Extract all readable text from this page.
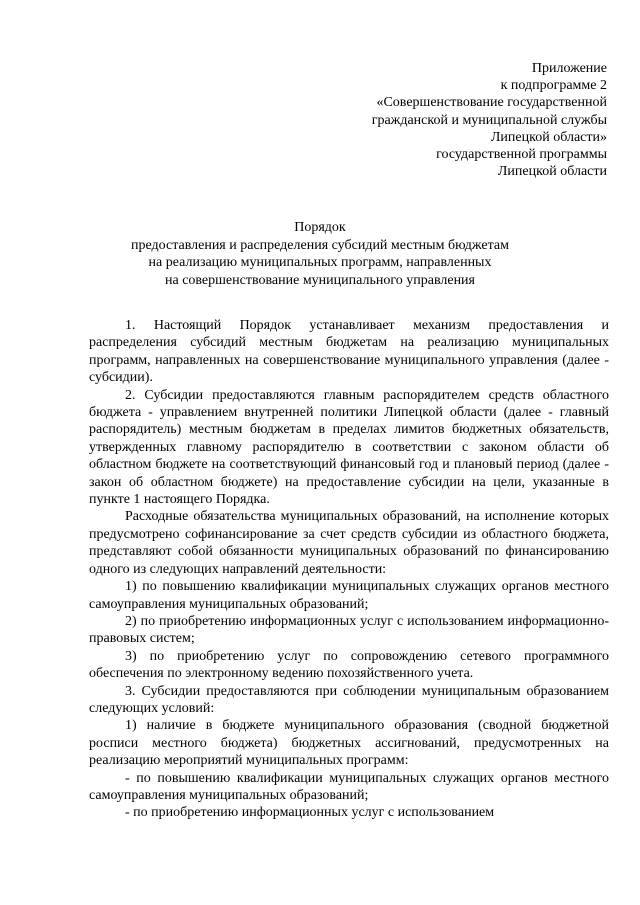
Приложение
к подпрограмме 2
«Совершенствование государственной
гражданской и муниципальной службы
Липецкой области»
государственной программы
Липецкой области
Порядок
предоставления и распределения субсидий местным бюджетам
на реализацию муниципальных программ, направленных
на совершенствование муниципального управления

1. Настоящий Порядок устанавливает механизм предоставления и распределения субсидий местным бюджетам на реализацию муниципальных программ, направленных на совершенствование муниципального управления (далее - субсидии).

2. Субсидии предоставляются главным распорядителем средств областного бюджета - управлением внутренней политики Липецкой области (далее - главный распорядитель) местным бюджетам в пределах лимитов бюджетных обязательств, утвержденных главному распорядителю в соответствии с законом области об областном бюджете на соответствующий финансовый год и плановый период (далее - закон об областном бюджете) на предоставление субсидии на цели, указанные в пункте 1 настоящего Порядка.

Расходные обязательства муниципальных образований, на исполнение которых предусмотрено софинансирование за счет средств субсидии из областного бюджета, представляют собой обязанности муниципальных образований по финансированию одного из следующих направлений деятельности:

1) по повышению квалификации муниципальных служащих органов местного самоуправления муниципальных образований;

2) по приобретению информационных услуг с использованием информационно-правовых систем;

3) по приобретению услуг по сопровождению сетевого программного обеспечения по электронному ведению похозяйственного учета.

3. Субсидии предоставляются при соблюдении муниципальным образованием следующих условий:

1) наличие в бюджете муниципального образования (сводной бюджетной росписи местного бюджета) бюджетных ассигнований, предусмотренных на реализацию мероприятий муниципальных программ:

- по повышению квалификации муниципальных служащих органов местного самоуправления муниципальных образований;

- по приобретению информационных услуг с использованием
